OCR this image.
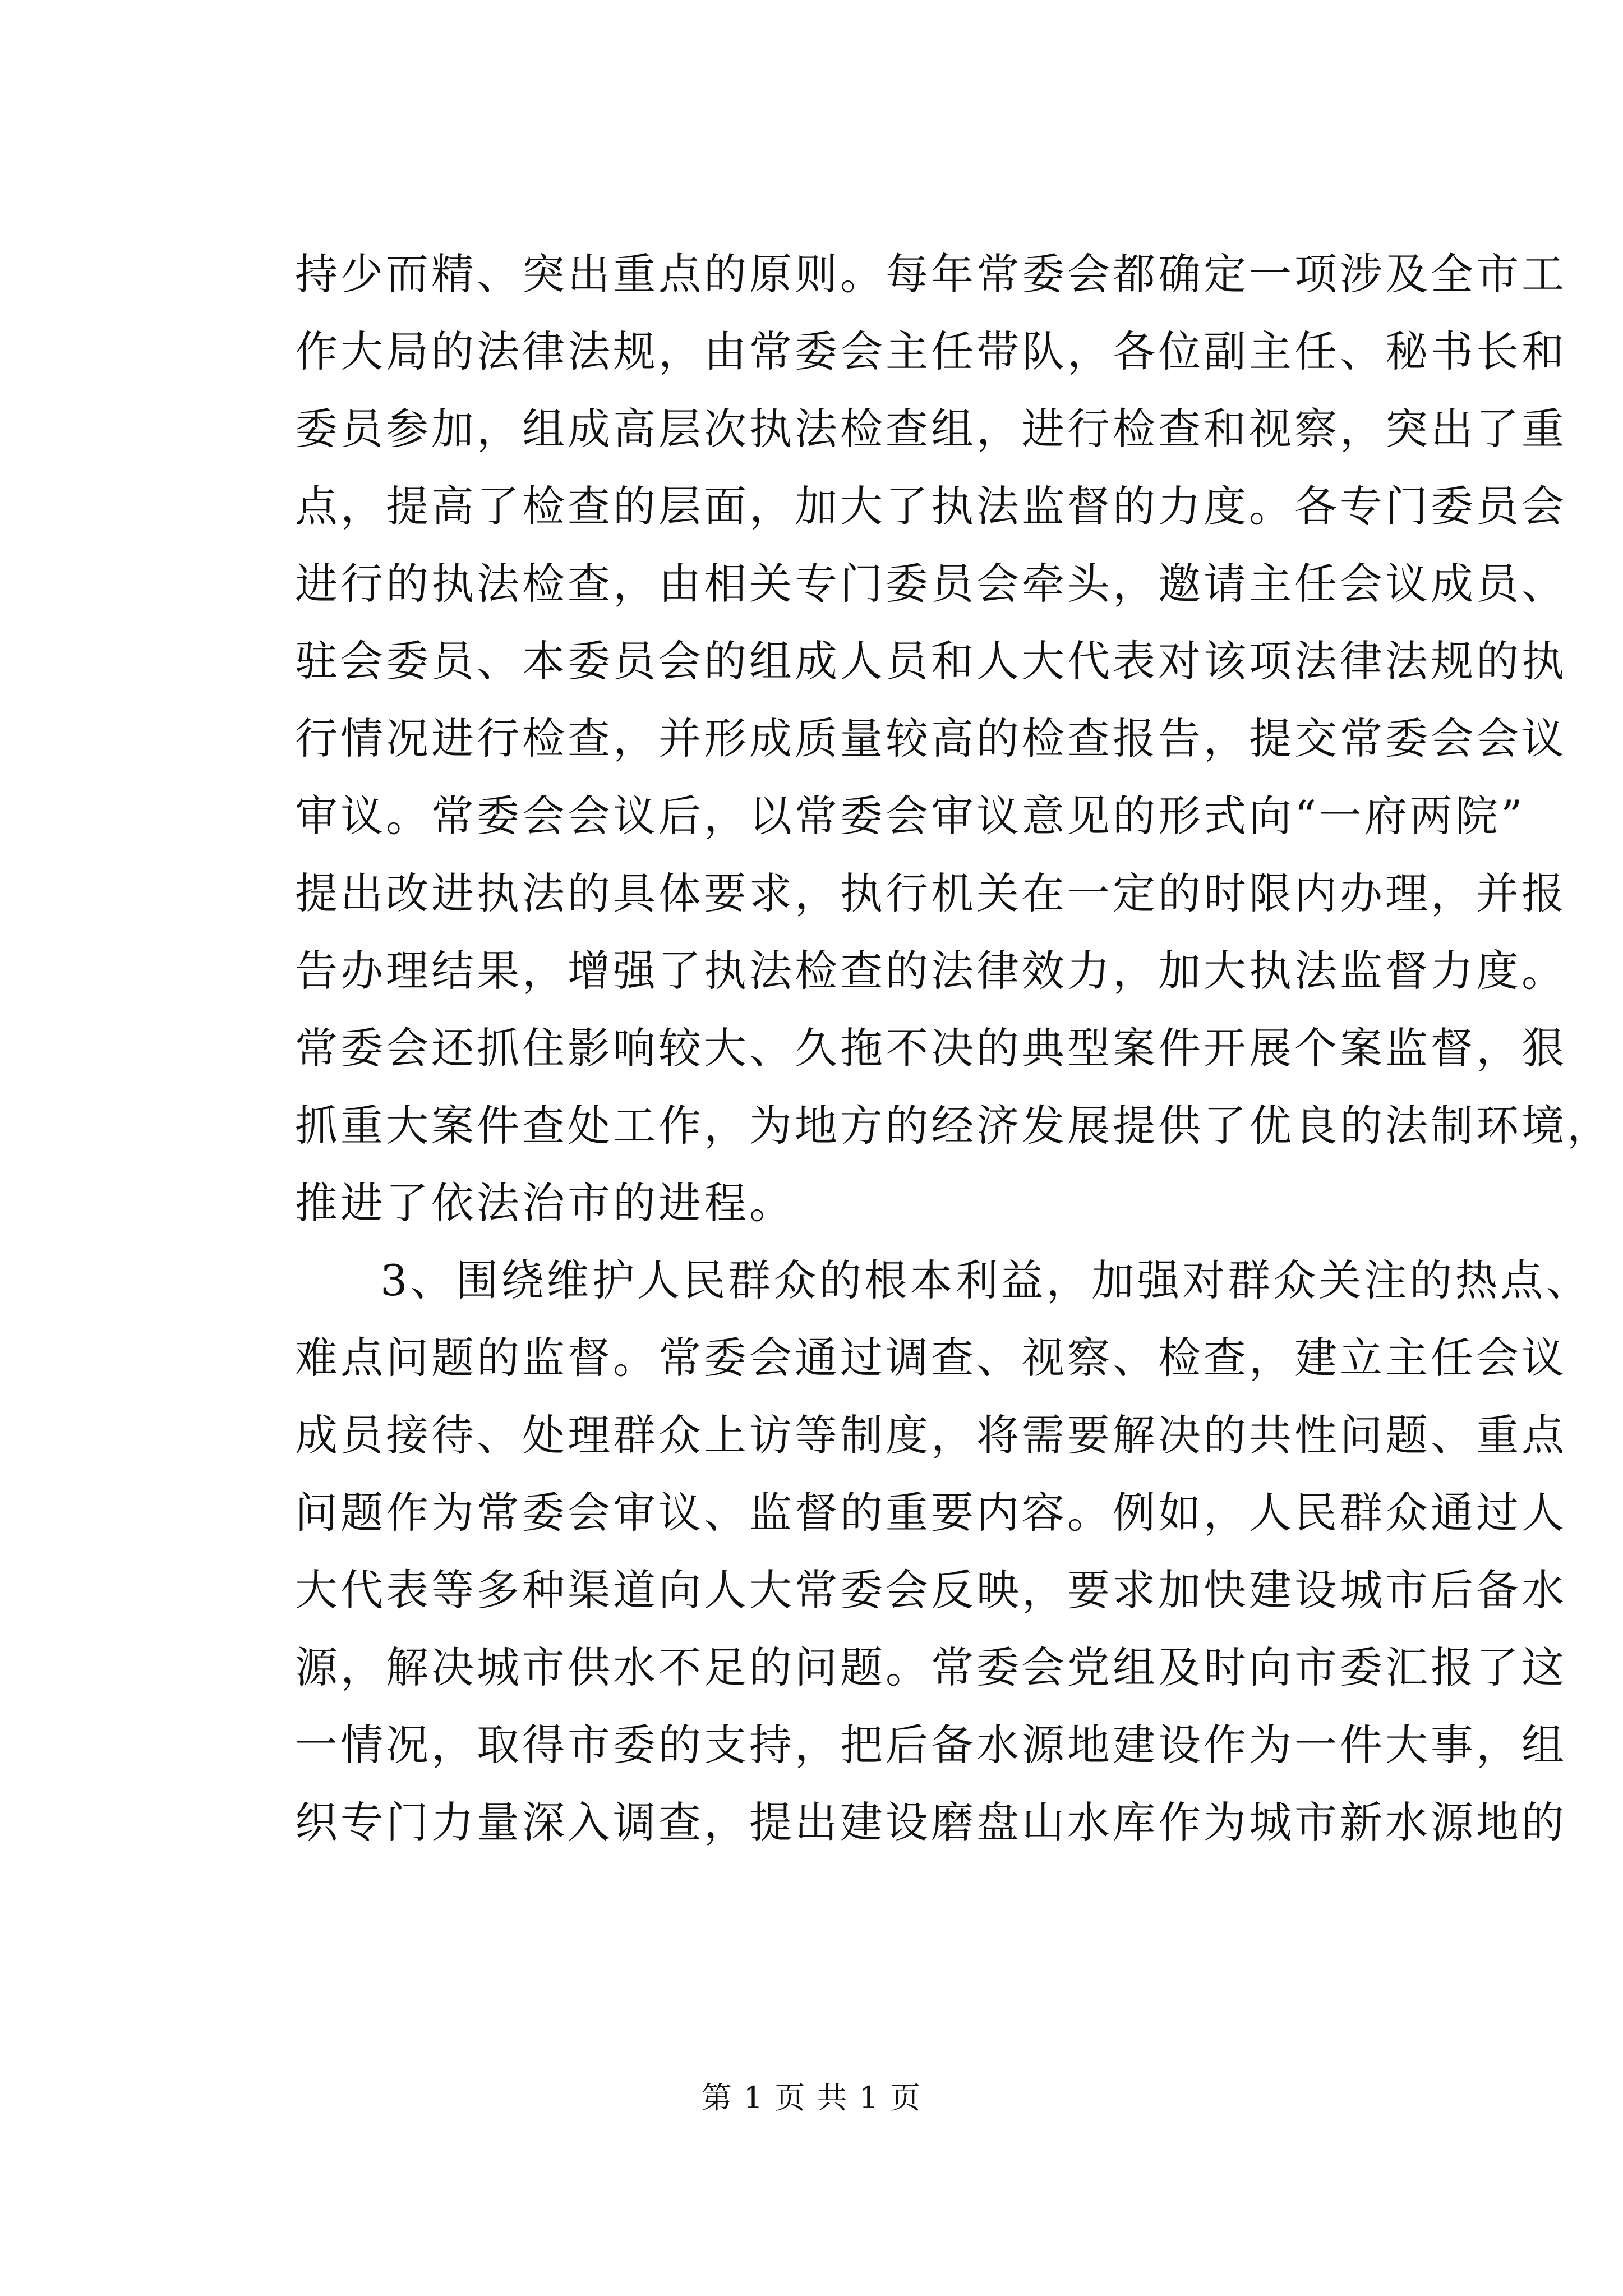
持少而精、突出重点的原则。每年常委会都确定一项涉及全市工
作大局的法律法规，由常委会主任带队，各位副主任、秘书长和
委员参加，组成高层次执法检查组，进行检查和视察，突出了重
点，提高了检查的层面，加大了执法监督的力度。各专门委员会
进行的执法检查，由相关专门委员会牵头，邀请主任会议成员、
驻会委员、本委员会的组成人员和人大代表对该项法律法规的执
行情况进行检查，并形成质量较高的检查报告，提交常委会会议
审议。常委会会议后，以常委会审议意见的形式向“一府两院”
提出改进执法的具体要求，执行机关在一定的时限内办理，并报
告办理结果，增强了执法检查的法律效力，加大执法监督力度。
常委会还抓住影响较大、久拖不决的典型案件开展个案监督，狠
抓重大案件查处工作，为地方的经济发展提供了优良的法制环境，
推进了依法治市的进程。
3、围绕维护人民群众的根本利益，加强对群众关注的热点、
难点问题的监督。常委会通过调查、视察、检查，建立主任会议
成员接待、处理群众上访等制度，将需要解决的共性问题、重点
问题作为常委会审议、监督的重要内容。例如，人民群众通过人
大代表等多种渠道向人大常委会反映，要求加快建设城市后备水
源，解决城市供水不足的问题。常委会党组及时向市委汇报了这
一情况，取得市委的支持，把后备水源地建设作为一件大事，组
织专门力量深入调查，提出建设磨盘山水库作为城市新水源地的
第 1 页 共 1 页
